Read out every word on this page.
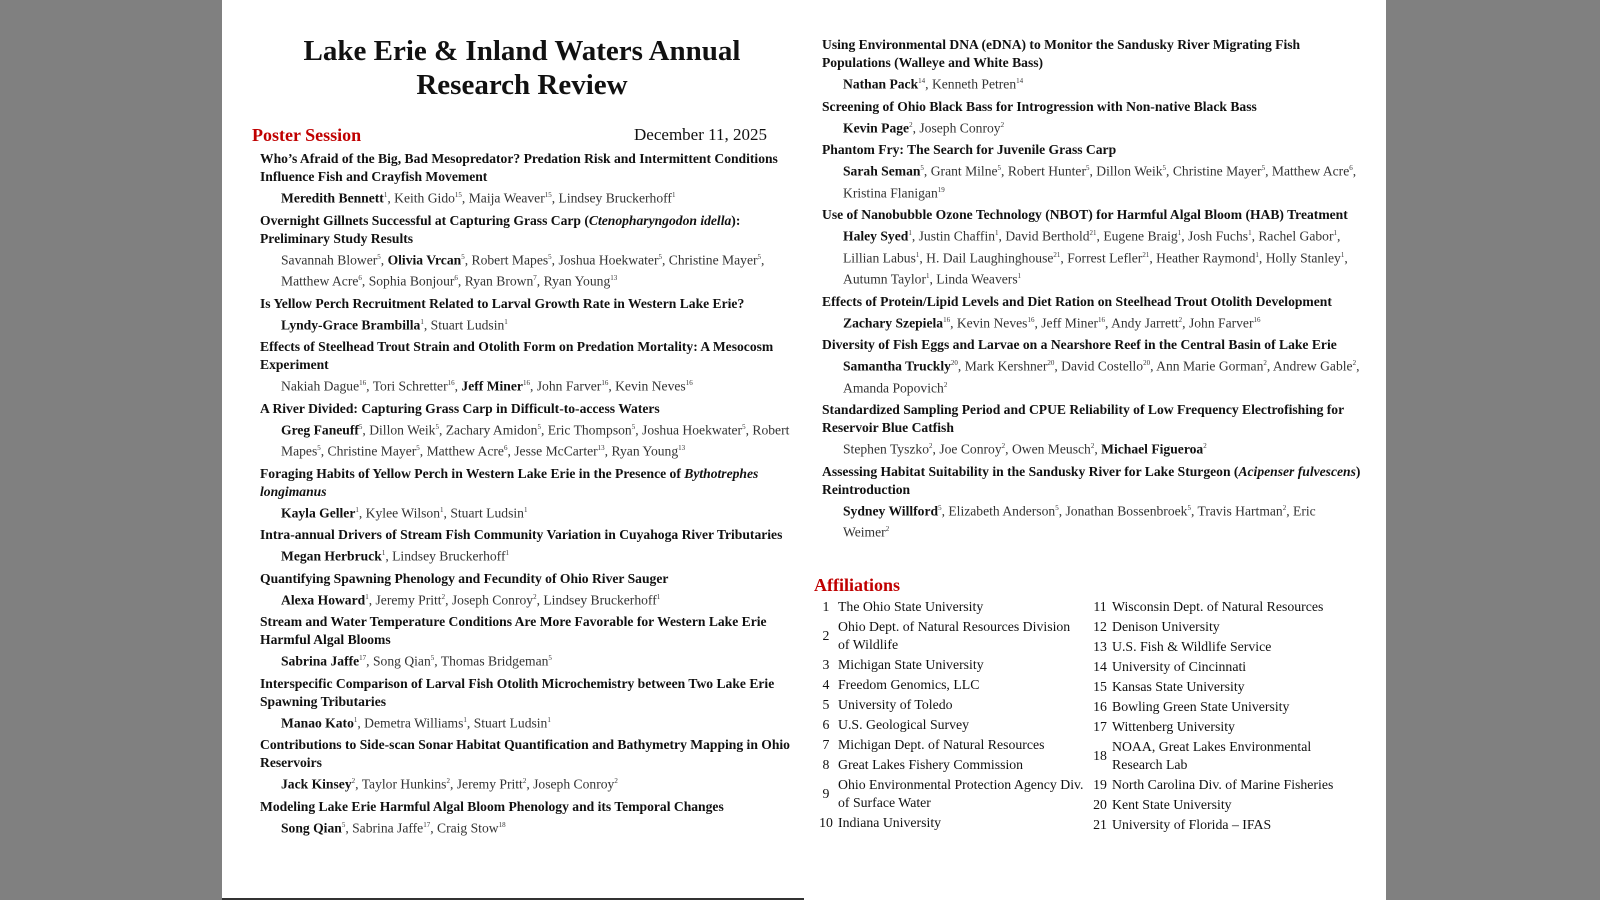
Lake Erie & Inland Waters Annual
Research Review
Poster Session	December 11, 2025
Who’s Afraid of the Big, Bad Mesopredator? Predation Risk and Intermittent Conditions Influence Fish and Crayfish Movement
Meredith Bennett$^1$, Keith Gido$^{15}$, Maija Weaver$^{15}$, Lindsey Bruckerhoff$^1$
Overnight Gillnets Successful at Capturing Grass Carp (Ctenopharyngodon idella): Preliminary Study Results
Savannah Blower$^5$, Olivia Vrcan$^5$, Robert Mapes$^5$, Joshua Hoekwater$^5$, Christine Mayer$^5$, Matthew Acre$^6$, Sophia Bonjour$^6$, Ryan Brown$^7$, Ryan Young$^{13}$
Is Yellow Perch Recruitment Related to Larval Growth Rate in Western Lake Erie?
Lyndy-Grace Brambilla$^1$, Stuart Ludsin$^1$
Effects of Steelhead Trout Strain and Otolith Form on Predation Mortality: A Mesocosm Experiment
Nakiah Dague$^{16}$, Tori Schretter$^{16}$, Jeff Miner$^{16}$, John Farver$^{16}$, Kevin Neves$^{16}$
A River Divided: Capturing Grass Carp in Difficult-to-access Waters
Greg Faneuff$^5$, Dillon Weik$^5$, Zachary Amidon$^5$, Eric Thompson$^5$, Joshua Hoekwater$^5$, Robert Mapes$^5$, Christine Mayer$^5$, Matthew Acre$^6$, Jesse McCarter$^{13}$, Ryan Young$^{13}$
Foraging Habits of Yellow Perch in Western Lake Erie in the Presence of Bythotrephes longimanus
Kayla Geller$^1$, Kylee Wilson$^1$, Stuart Ludsin$^1$
Intra-annual Drivers of Stream Fish Community Variation in Cuyahoga River Tributaries
Megan Herbruck$^1$, Lindsey Bruckerhoff$^1$
Quantifying Spawning Phenology and Fecundity of Ohio River Sauger
Alexa Howard$^1$, Jeremy Pritt$^2$, Joseph Conroy$^2$, Lindsey Bruckerhoff$^1$
Stream and Water Temperature Conditions Are More Favorable for Western Lake Erie Harmful Algal Blooms
Sabrina Jaffe$^{17}$, Song Qian$^5$, Thomas Bridgeman$^5$
Interspecific Comparison of Larval Fish Otolith Microchemistry between Two Lake Erie Spawning Tributaries
Manao Kato$^1$, Demetra Williams$^1$, Stuart Ludsin$^1$
Contributions to Side-scan Sonar Habitat Quantification and Bathymetry Mapping in Ohio Reservoirs
Jack Kinsey$^2$, Taylor Hunkins$^2$, Jeremy Pritt$^2$, Joseph Conroy$^2$
Modeling Lake Erie Harmful Algal Bloom Phenology and its Temporal Changes
Song Qian$^5$, Sabrina Jaffe$^{17}$, Craig Stow$^{18}$
Using Environmental DNA (eDNA) to Monitor the Sandusky River Migrating Fish Populations (Walleye and White Bass)
Nathan Pack$^{14}$, Kenneth Petren$^{14}$
Screening of Ohio Black Bass for Introgression with Non-native Black Bass
Kevin Page$^2$, Joseph Conroy$^2$
Phantom Fry: The Search for Juvenile Grass Carp
Sarah Seman$^5$, Grant Milne$^5$, Robert Hunter$^5$, Dillon Weik$^5$, Christine Mayer$^5$, Matthew Acre$^6$, Kristina Flanigan$^{19}$
Use of Nanobubble Ozone Technology (NBOT) for Harmful Algal Bloom (HAB) Treatment
Haley Syed$^1$, Justin Chaffin$^1$, David Berthold$^{21}$, Eugene Braig$^1$, Josh Fuchs$^1$, Rachel Gabor$^1$, Lillian Labus$^1$, H. Dail Laughinghouse$^{21}$, Forrest Lefler$^{21}$, Heather Raymond$^1$, Holly Stanley$^1$, Autumn Taylor$^1$, Linda Weavers$^1$
Effects of Protein/Lipid Levels and Diet Ration on Steelhead Trout Otolith Development
Zachary Szepiela$^{16}$, Kevin Neves$^{16}$, Jeff Miner$^{16}$, Andy Jarrett$^2$, John Farver$^{16}$
Diversity of Fish Eggs and Larvae on a Nearshore Reef in the Central Basin of Lake Erie
Samantha Truckly$^{20}$, Mark Kershner$^{20}$, David Costello$^{20}$, Ann Marie Gorman$^2$, Andrew Gable$^2$, Amanda Popovich$^2$
Standardized Sampling Period and CPUE Reliability of Low Frequency Electrofishing for Reservoir Blue Catfish
Stephen Tyszko$^2$, Joe Conroy$^2$, Owen Meusch$^2$, Michael Figueroa$^2$
Assessing Habitat Suitability in the Sandusky River for Lake Sturgeon (Acipenser fulvescens) Reintroduction
Sydney Willford$^5$, Elizabeth Anderson$^5$, Jonathan Bossenbroek$^5$, Travis Hartman$^2$, Eric Weimer$^2$
Affiliations
1 The Ohio State University
2
Ohio Dept. of Natural Resources Division of Wildlife
3 Michigan State University
4 Freedom Genomics, LLC
5 University of Toledo
6 U.S. Geological Survey
7 Michigan Dept. of Natural Resources
8 Great Lakes Fishery Commission
9
Ohio Environmental Protection Agency Div. of Surface Water
10 Indiana University
11 Wisconsin Dept. of Natural Resources
12 Denison University
13 U.S. Fish & Wildlife Service
14 University of Cincinnati
15 Kansas State University
16 Bowling Green State University
17 Wittenberg University
18
NOAA, Great Lakes Environmental Research Lab
19 North Carolina Div. of Marine Fisheries
20 Kent State University
21 University of Florida – IFAS
